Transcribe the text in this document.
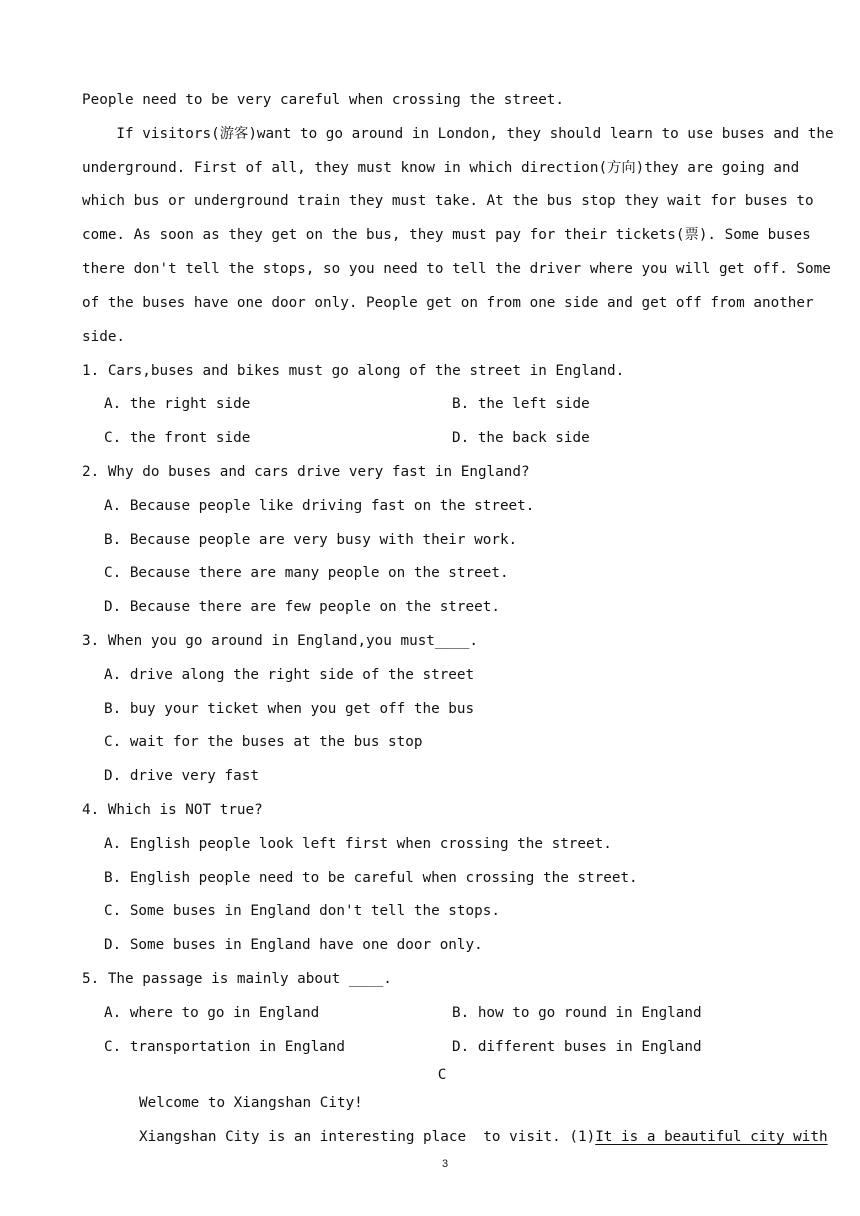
People need to be very careful when crossing the street.
If visitors(游客)want to go around in London, they should learn to use buses and the
underground. First of all, they must know in which direction(方向)they are going and
which bus or underground train they must take. At the bus stop they wait for buses to
come. As soon as they get on the bus, they must pay for their tickets(票). Some buses
there don't tell the stops, so you need to tell the driver where you will get off. Some
of the buses have one door only. People get on from one side and get off from another
side.
1. Cars,buses and bikes must go along of the street in England.
A. the right side	B. the left side
C. the front side	D. the back side
2. Why do buses and cars drive very fast in England?
A. Because people like driving fast on the street.
B. Because people are very busy with their work.
C. Because there are many people on the street.
D. Because there are few people on the street.
3. When you go around in England,you must____.
A. drive along the right side of the street
B. buy your ticket when you get off the bus
C. wait for the buses at the bus stop
D. drive very fast
4. Which is NOT true?
A. English people look left first when crossing the street.
B. English people need to be careful when crossing the street.
C. Some buses in England don't tell the stops.
D. Some buses in England have one door only.
5. The passage is mainly about ____.
A. where to go in England	B. how to go round in England
C. transportation in England	D. different buses in England
C
Welcome to Xiangshan City!
Xiangshan City is an interesting place  to visit. (1)It is a beautiful city with
3
